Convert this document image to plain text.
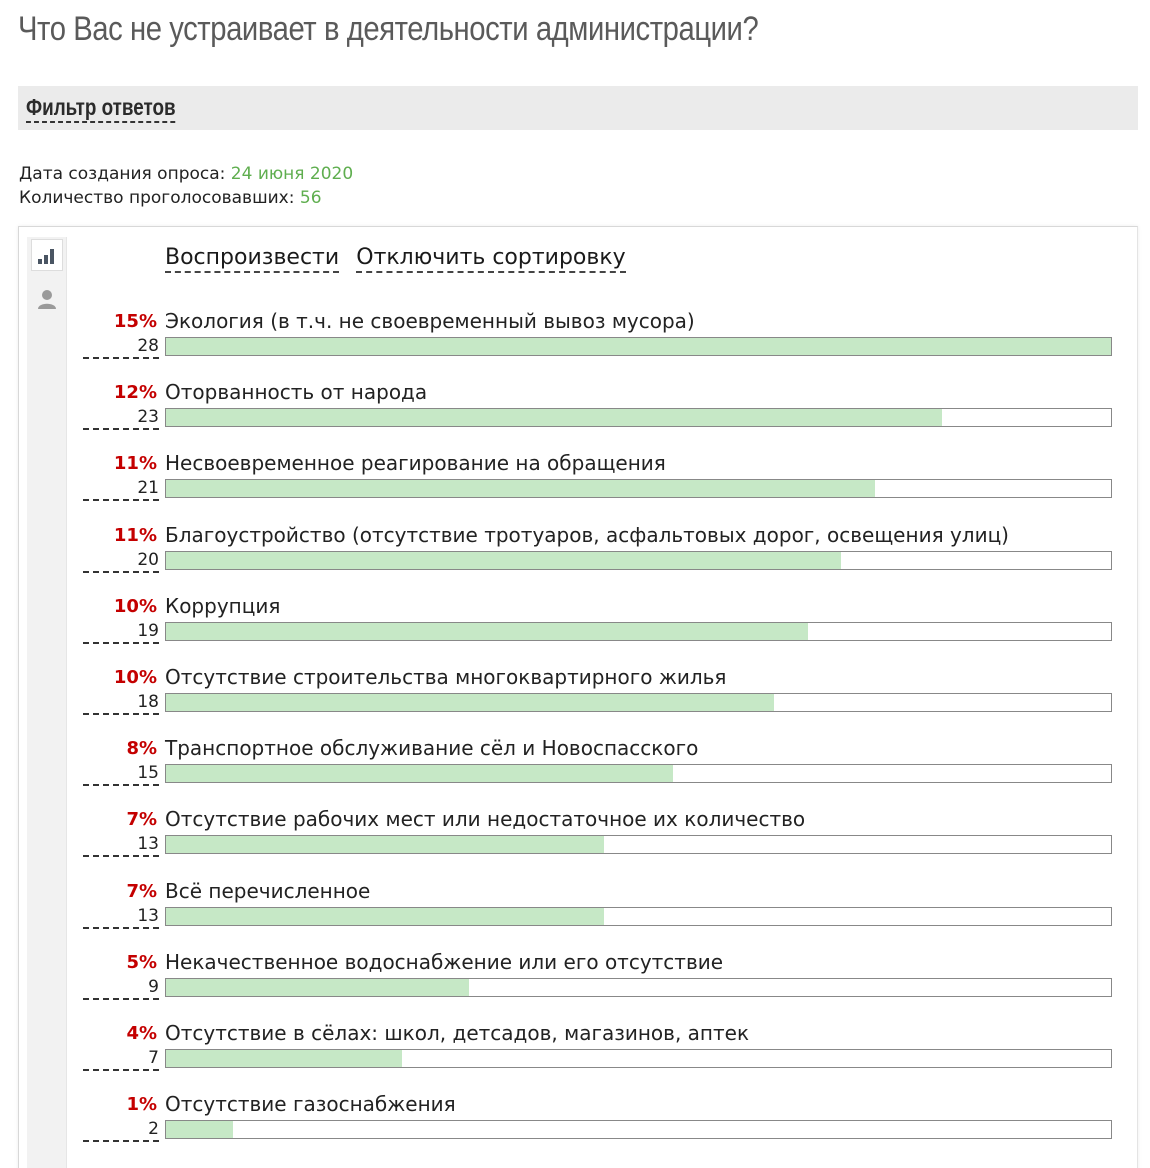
Что Вас не устраивает в деятельности администрации?
Фильтр ответов
Дата создания опроса: 24 июня 2020
Количество проголосовавших: 56
Воспроизвести Отключить сортировку
15% Экология (в т.ч. не своевременный вывоз мусора)
28
12% Оторванность от народа
23
11% Несвоевременное реагирование на обращения
21
11% Благоустройство (отсутствие тротуаров, асфальтовых дорог, освещения улиц)
20
10% Коррупция
19
10% Отсутствие строительства многоквартирного жилья
18
8% Транспортное обслуживание сёл и Новоспасского
15
7% Отсутствие рабочих мест или недостаточное их количество
13
7% Всё перечисленное
13
5% Некачественное водоснабжение или его отсутствие
9
4% Отсутствие в сёлах: школ, детсадов, магазинов, аптек
7
1% Отсутствие газоснабжения
2
